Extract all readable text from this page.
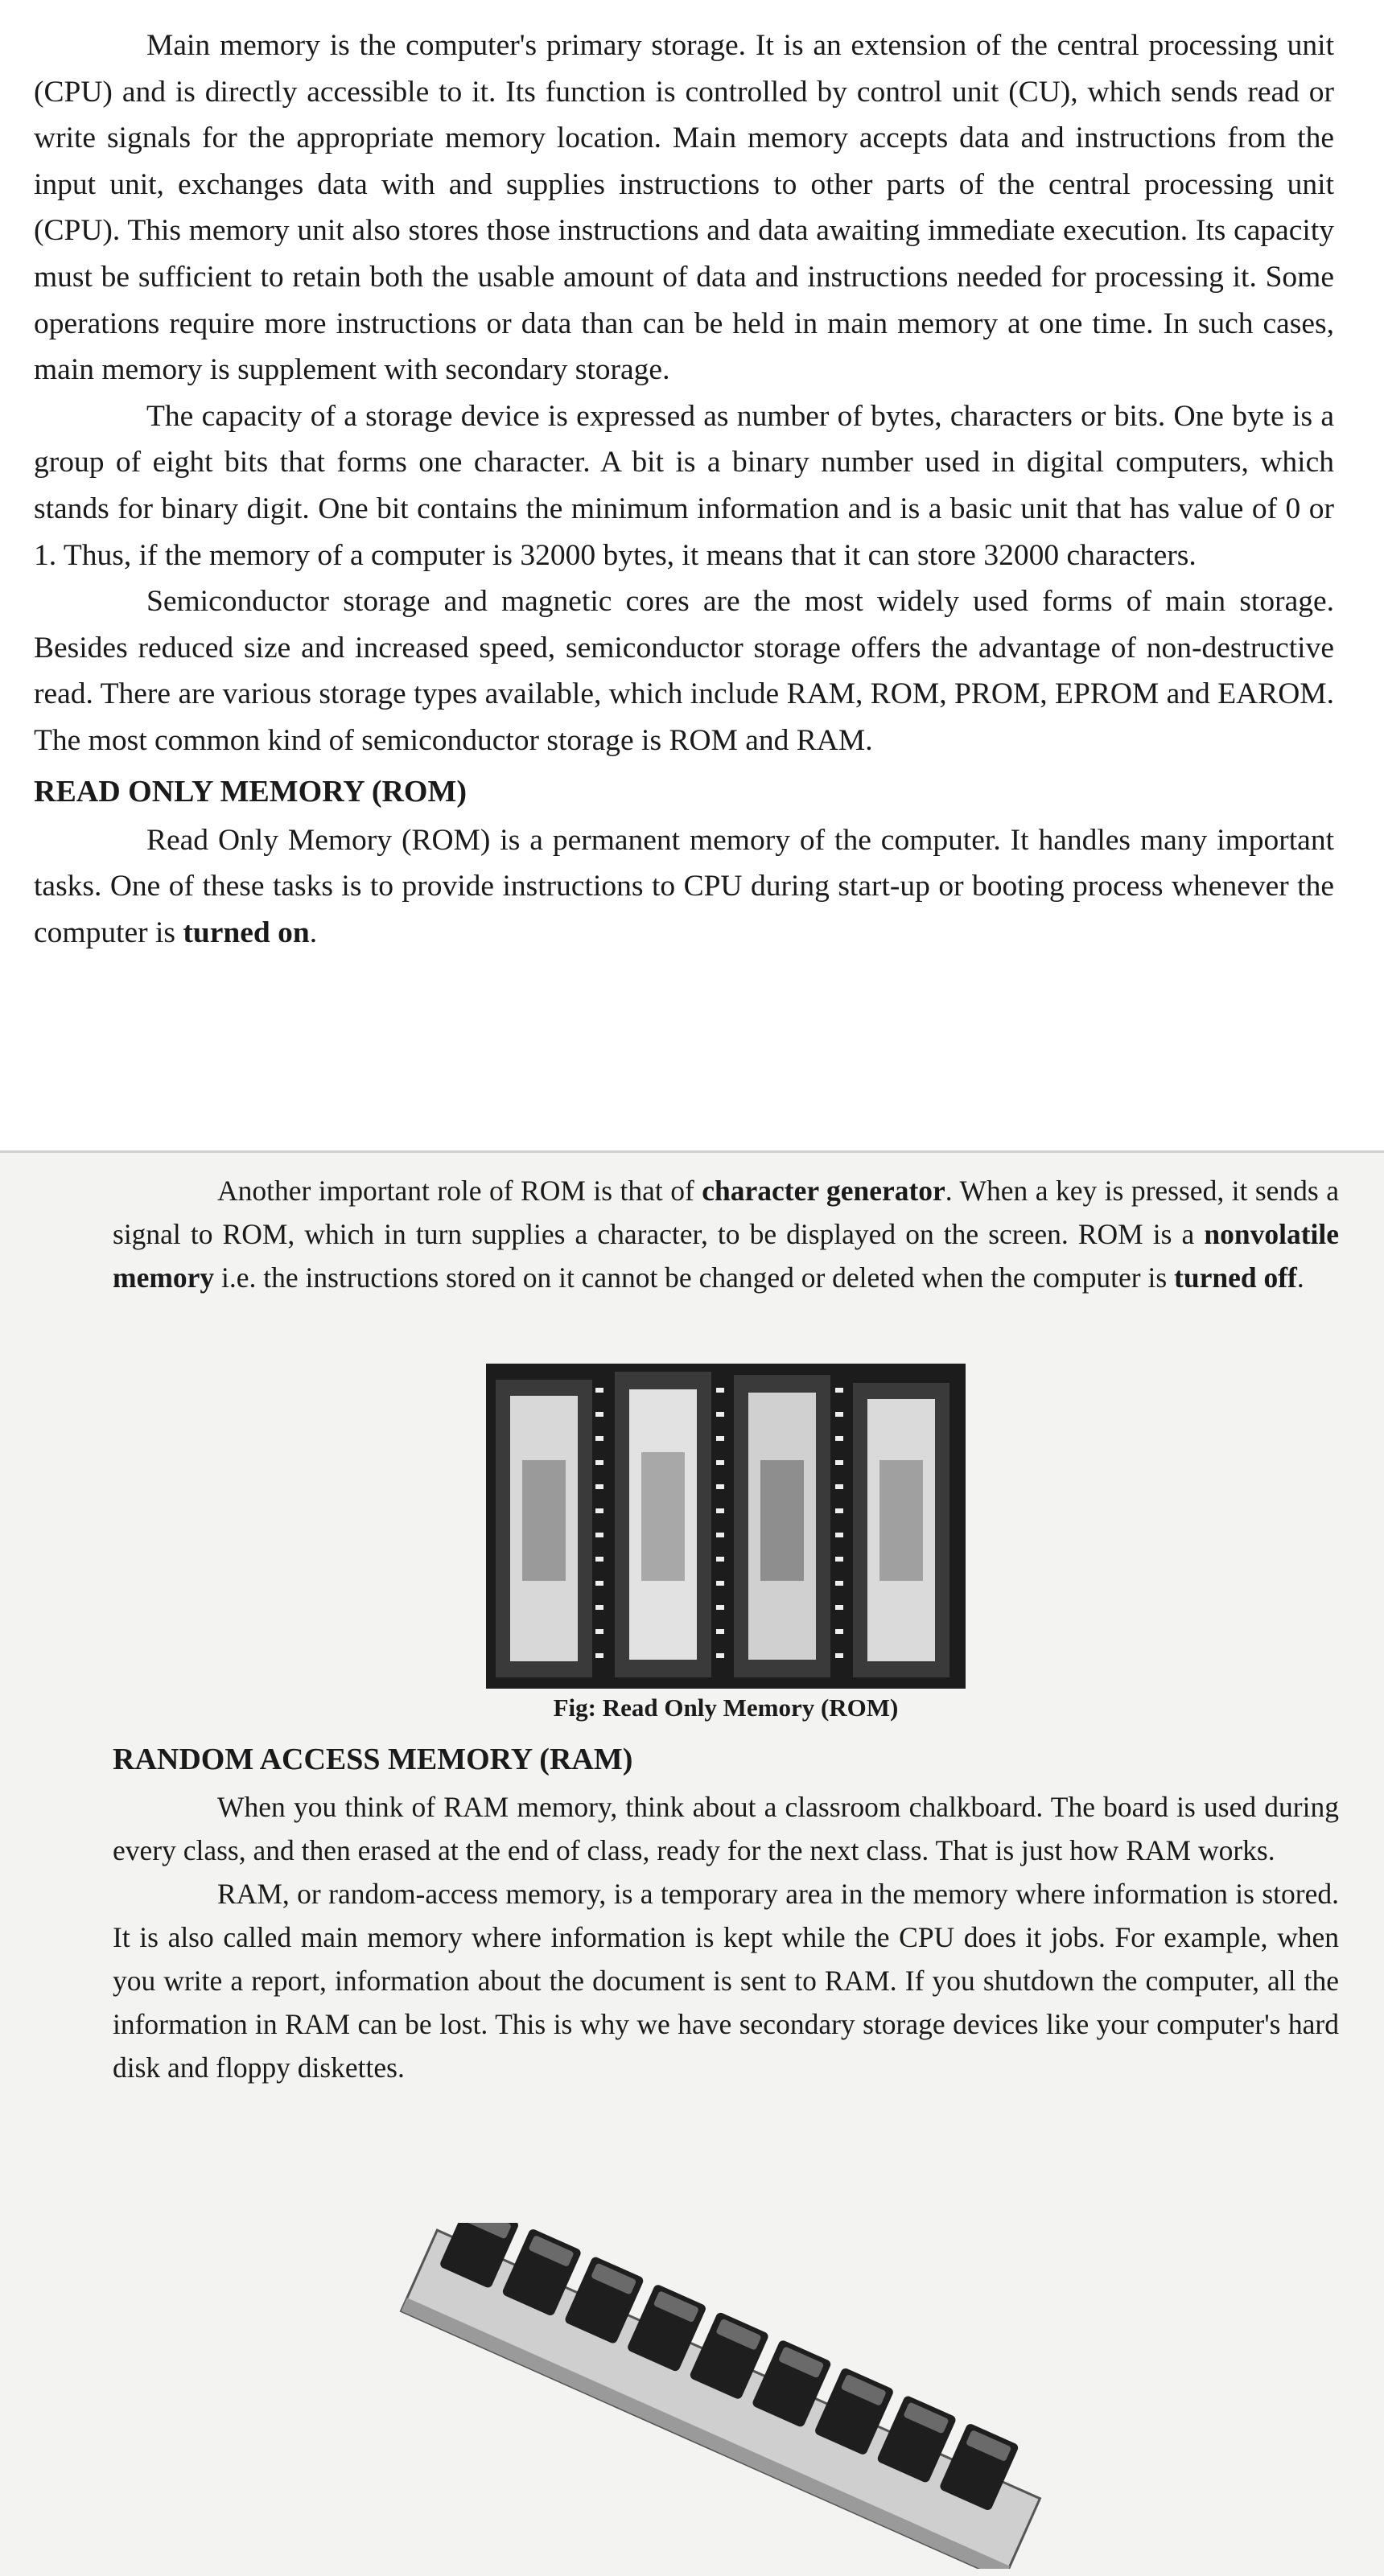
Main memory is the computer's primary storage. It is an extension of the central processing unit (CPU) and is directly accessible to it. Its function is controlled by control unit (CU), which sends read or write signals for the appropriate memory location. Main memory accepts data and instructions from the input unit, exchanges data with and supplies instructions to other parts of the central processing unit (CPU). This memory unit also stores those instructions and data awaiting immediate execution. Its capacity must be sufficient to retain both the usable amount of data and instructions needed for processing it. Some operations require more instructions or data than can be held in main memory at one time. In such cases, main memory is supplement with secondary storage.

The capacity of a storage device is expressed as number of bytes, characters or bits. One byte is a group of eight bits that forms one character. A bit is a binary number used in digital computers, which stands for binary digit. One bit contains the minimum information and is a basic unit that has value of 0 or 1. Thus, if the memory of a computer is 32000 bytes, it means that it can store 32000 characters.

Semiconductor storage and magnetic cores are the most widely used forms of main storage. Besides reduced size and increased speed, semiconductor storage offers the advantage of non-destructive read. There are various storage types available, which include RAM, ROM, PROM, EPROM and EAROM. The most common kind of semiconductor storage is ROM and RAM.

READ ONLY MEMORY (ROM)

Read Only Memory (ROM) is a permanent memory of the computer. It handles many important tasks. One of these tasks is to provide instructions to CPU during start-up or booting process whenever the computer is turned on.

Another important role of ROM is that of character generator. When a key is pressed, it sends a signal to ROM, which in turn supplies a character, to be displayed on the screen. ROM is a nonvolatile memory i.e. the instructions stored on it cannot be changed or deleted when the computer is turned off.

Fig: Read Only Memory (ROM)
RANDOM ACCESS MEMORY (RAM)

When you think of RAM memory, think about a classroom chalkboard. The board is used during every class, and then erased at the end of class, ready for the next class. That is just how RAM works.

RAM, or random-access memory, is a temporary area in the memory where information is stored. It is also called main memory where information is kept while the CPU does it jobs. For example, when you write a report, information about the document is sent to RAM. If you shutdown the computer, all the information in RAM can be lost. This is why we have secondary storage devices like your computer's hard disk and floppy diskettes.
